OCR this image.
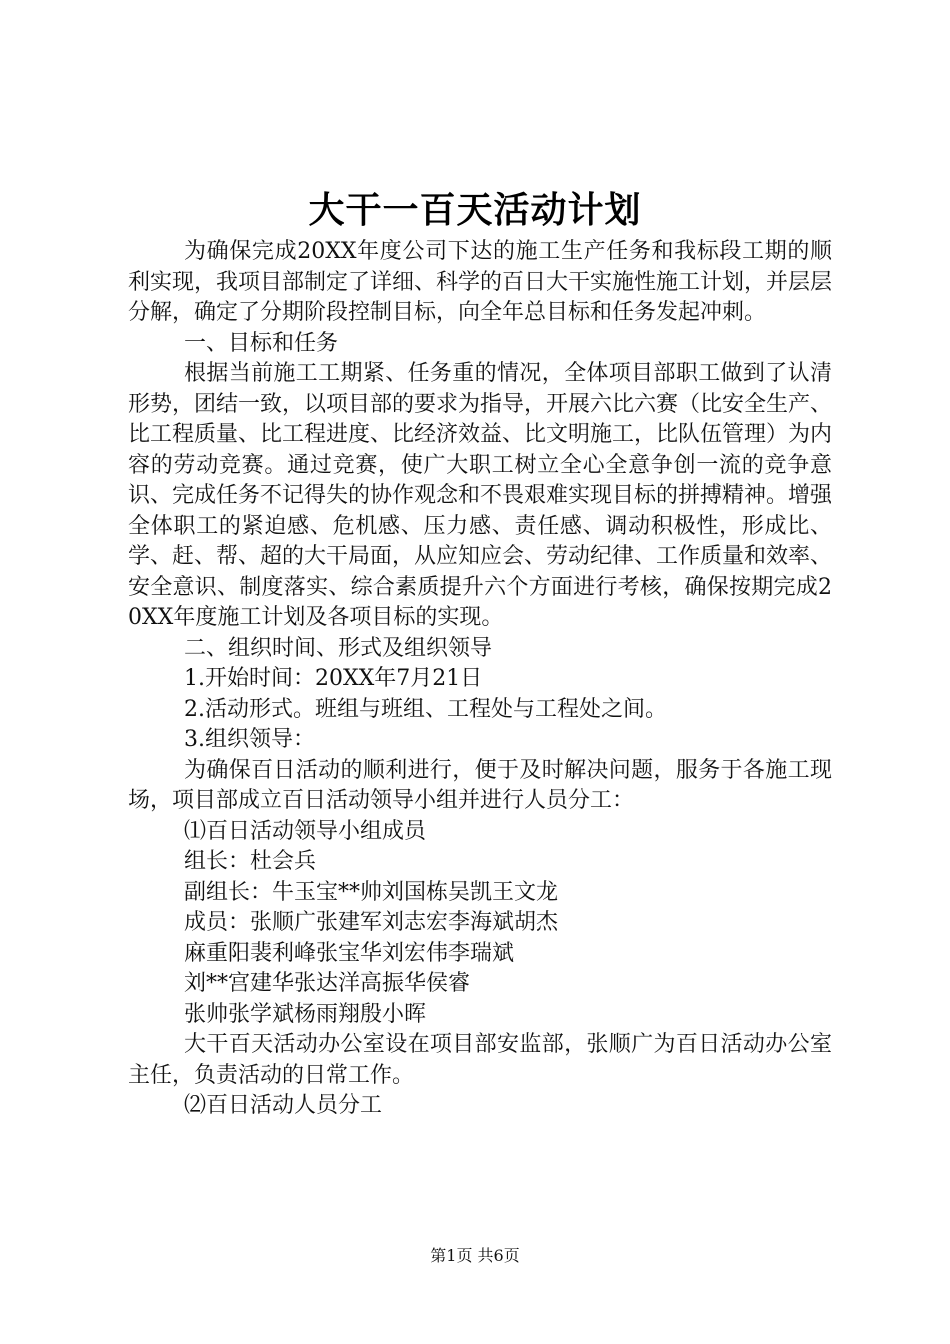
大干一百天活动计划

为确保完成20XX年度公司下达的施工生产任务和我标段工期的顺利实现，我项目部制定了详细、科学的百日大干实施性施工计划，并层层分解，确定了分期阶段控制目标，向全年总目标和任务发起冲刺。

一、目标和任务

根据当前施工工期紧、任务重的情况，全体项目部职工做到了认清形势，团结一致，以项目部的要求为指导，开展六比六赛（比安全生产、比工程质量、比工程进度、比经济效益、比文明施工，比队伍管理）为内容的劳动竞赛。通过竞赛，使广大职工树立全心全意争创一流的竞争意识、完成任务不记得失的协作观念和不畏艰难实现目标的拼搏精神。增强全体职工的紧迫感、危机感、压力感、责任感、调动积极性，形成比、学、赶、帮、超的大干局面，从应知应会、劳动纪律、工作质量和效率、安全意识、制度落实、综合素质提升六个方面进行考核，确保按期完成20XX年度施工计划及各项目标的实现。

二、组织时间、形式及组织领导

1.开始时间：20XX年7月21日

2.活动形式。班组与班组、工程处与工程处之间。

3.组织领导：

为确保百日活动的顺利进行，便于及时解决问题，服务于各施工现场，项目部成立百日活动领导小组并进行人员分工：

⑴百日活动领导小组成员

组长：杜会兵

副组长：牛玉宝**帅刘国栋吴凯王文龙

成员：张顺广张建军刘志宏李海斌胡杰

麻重阳裴利峰张宝华刘宏伟李瑞斌

刘**宫建华张达洋高振华侯睿

张帅张学斌杨雨翔殷小晖

大干百天活动办公室设在项目部安监部，张顺广为百日活动办公室主任，负责活动的日常工作。

⑵百日活动人员分工

第1页 共6页
